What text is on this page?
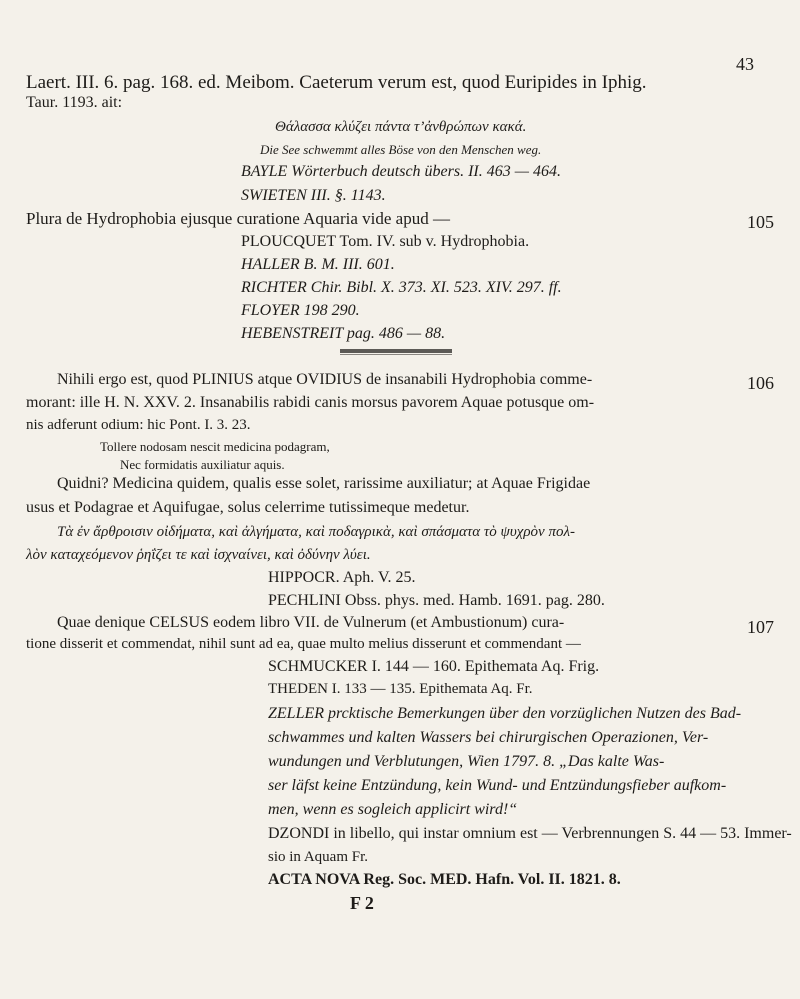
43
Laert. III. 6. pag. 168. ed. Meibom. Caeterum verum est, quod Euripides in Iphig.
Taur. 1193. ait:
Θάλασσα κλύζει πάντα τ’ἀνθρώπων κακά.
Die See schwemmt alles Böse von den Menschen weg.
BAYLE Wörterbuch deutsch übers. II. 463 — 464.
SWIETEN III. §. 1143.
Plura de Hydrophobia ejusque curatione Aquaria vide apud —	105
PLOUCQUET Tom. IV. sub v. Hydrophobia.
HALLER B. M. III. 601.
RICHTER Chir. Bibl. X. 373. XI. 523. XIV. 297. ff.
FLOYER 198 290.
HEBENSTREIT pag. 486 — 88.
Nihili ergo est, quod PLINIUS atque OVIDIUS de insanabili Hydrophobia comme-	106
morant: ille H. N. XXV. 2. Insanabilis rabidi canis morsus pavorem Aquae potusque om-
nis adferunt odium: hic Pont. I. 3. 23.
Tollere nodosam nescit medicina podagram,
Nec formidatis auxiliatur aquis.
Quidni? Medicina quidem, qualis esse solet, rarissime auxiliatur; at Aquae Frigidae
usus et Podagrae et Aquifugae, solus celerrime tutissimeque medetur.
Τὰ ἐν ἄρθροισιν οἰδήματα, καὶ ἀλγήματα, καὶ ποδαγρικὰ, καὶ σπάσματα τὸ ψυχρὸν πολ-
λὸν καταχεόμενον ῥηΐζει τε καὶ ἰσχναίνει, καὶ ὀδύνην λύει.
HIPPOCR. Aph. V. 25.
PECHLINI Obss. phys. med. Hamb. 1691. pag. 280.
Quae denique CELSUS eodem libro VII. de Vulnerum (et Ambustionum) cura-	107
tione disserit et commendat, nihil sunt ad ea, quae multo melius disserunt et commendant —
SCHMUCKER I. 144 — 160. Epithemata Aq. Frig.
THEDEN I. 133 — 135. Epithemata Aq. Fr.
ZELLER prcktische Bemerkungen über den vorzüglichen Nutzen des Bad-
schwammes und kalten Wassers bei chirurgischen Operazionen, Ver-
wundungen und Verblutungen, Wien 1797. 8. „Das kalte Was-
ser läfst keine Entzündung, kein Wund- und Entzündungsfieber aufkom-
men, wenn es sogleich applicirt wird!“
DZONDI in libello, qui instar omnium est — Verbrennungen S. 44 — 53. Immer-
sio in Aquam Fr.
ACTA NOVA Reg. Soc. MED. Hafn. Vol. II. 1821. 8.
F 2
